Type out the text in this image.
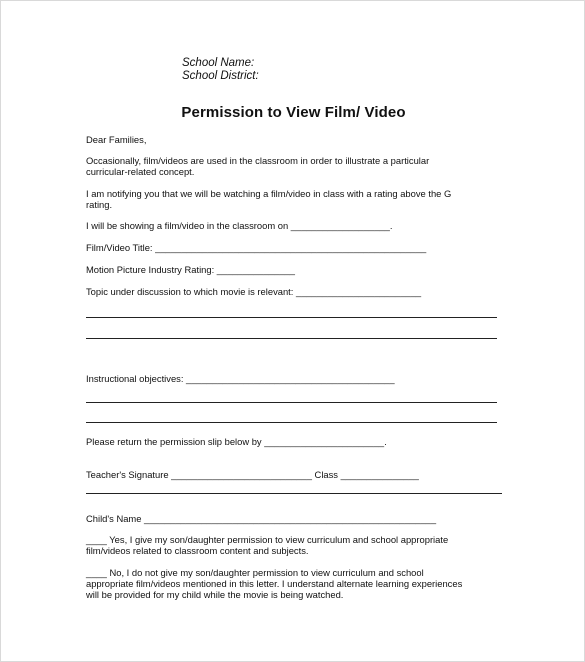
School Name:
School District:
Permission to View Film/ Video
Dear Families,
Occasionally, film/videos are used in the classroom in order to illustrate a particular
curricular-related concept.
I am notifying you that we will be watching a film/video in class with a rating above the G
rating.
I will be showing a film/video in the classroom on ___________________.
Film/Video Title: ____________________________________________________
Motion Picture Industry Rating: _______________
Topic under discussion to which movie is relevant: ________________________
Instructional objectives: ________________________________________
Please return the permission slip below by _______________________.
Teacher's Signature ___________________________ Class _______________
Child's Name ________________________________________________________
____ Yes, I give my son/daughter permission to view curriculum and school appropriate
film/videos related to classroom content and subjects.
____ No, I do not give my son/daughter permission to view curriculum and school
appropriate film/videos mentioned in this letter. I understand alternate learning experiences
will be provided for my child while the movie is being watched.
